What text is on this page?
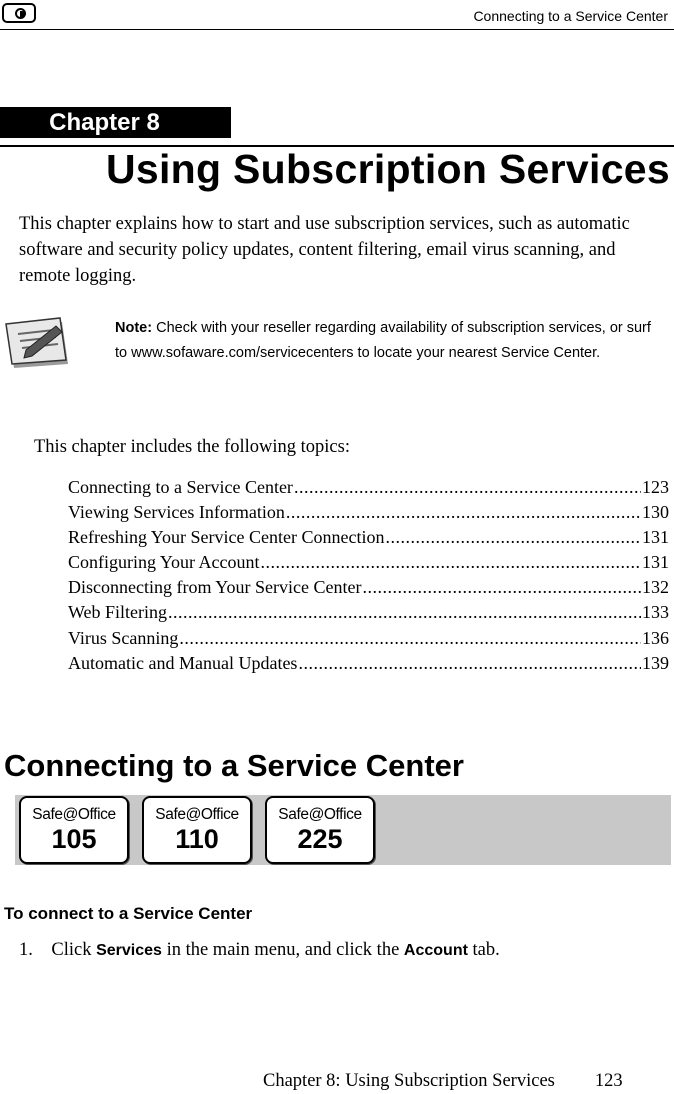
Connecting to a Service Center
Chapter 8
Using Subscription Services
This chapter explains how to start and use subscription services, such as automatic software and security policy updates, content filtering, email virus scanning, and remote logging.
Note: Check with your reseller regarding availability of subscription services, or surf to www.sofaware.com/servicecenters to locate your nearest Service Center.
This chapter includes the following topics:
Connecting to a Service Center .....	123
Viewing Services Information .....	130
Refreshing Your Service Center Connection .....	131
Configuring Your Account .....	131
Disconnecting from Your Service Center .....	132
Web Filtering .....	133
Virus Scanning .....	136
Automatic and Manual Updates .....	139
Connecting to a Service Center
Safe@Office
105
Safe@Office
110
Safe@Office
225
To connect to a Service Center
1. Click Services in the main menu, and click the Account tab.
Chapter 8: Using Subscription Services 123
